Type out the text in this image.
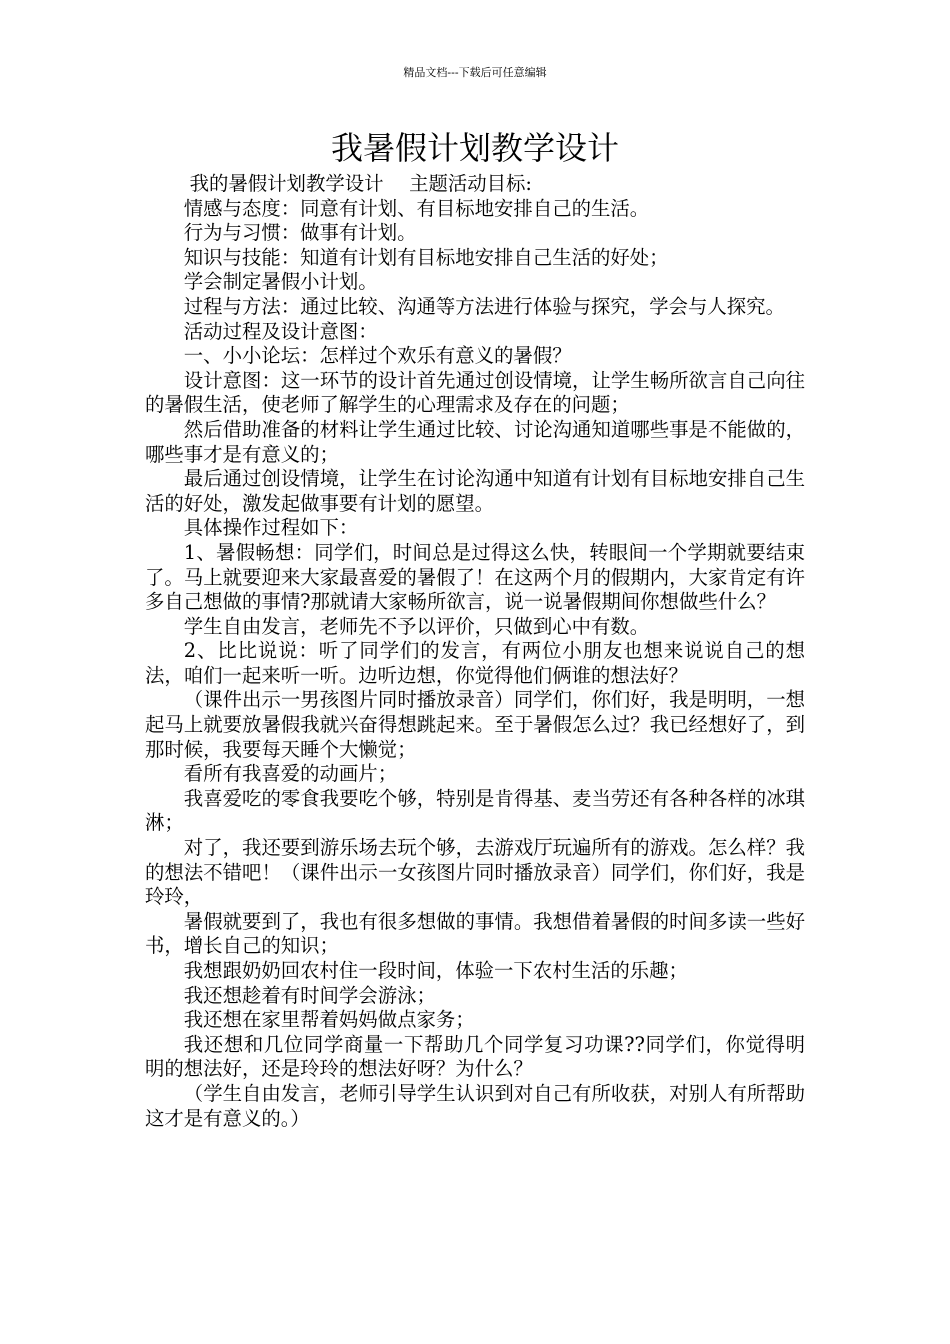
精品文档---下载后可任意编辑
我暑假计划教学设计

我的暑假计划教学设计　 主题活动目标:

情感与态度：同意有计划、有目标地安排自己的生活。

行为与习惯：做事有计划。

知识与技能：知道有计划有目标地安排自己生活的好处；

学会制定暑假小计划。

过程与方法：通过比较、沟通等方法进行体验与探究，学会与人探究。

活动过程及设计意图：

一、小小论坛：怎样过个欢乐有意义的暑假？

设计意图：这一环节的设计首先通过创设情境，让学生畅所欲言自己向往的暑假生活，使老师了解学生的心理需求及存在的问题；

然后借助准备的材料让学生通过比较、讨论沟通知道哪些事是不能做的，哪些事才是有意义的；

最后通过创设情境，让学生在讨论沟通中知道有计划有目标地安排自己生活的好处，激发起做事要有计划的愿望。

具体操作过程如下：

1、暑假畅想：同学们，时间总是过得这么快，转眼间一个学期就要结束了。马上就要迎来大家最喜爱的暑假了！在这两个月的假期内，大家肯定有许多自己想做的事情?那就请大家畅所欲言，说一说暑假期间你想做些什么？

学生自由发言，老师先不予以评价，只做到心中有数。

2、比比说说：听了同学们的发言，有两位小朋友也想来说说自己的想法，咱们一起来听一听。边听边想，你觉得他们俩谁的想法好？

（课件出示一男孩图片同时播放录音）同学们，你们好，我是明明，一想起马上就要放暑假我就兴奋得想跳起来。至于暑假怎么过？我已经想好了，到那时候，我要每天睡个大懒觉；

看所有我喜爱的动画片；

我喜爱吃的零食我要吃个够，特别是肯得基、麦当劳还有各种各样的冰琪淋；

对了，我还要到游乐场去玩个够，去游戏厅玩遍所有的游戏。怎么样？我的想法不错吧！（课件出示一女孩图片同时播放录音）同学们，你们好，我是玲玲，

暑假就要到了，我也有很多想做的事情。我想借着暑假的时间多读一些好书，增长自己的知识；

我想跟奶奶回农村住一段时间，体验一下农村生活的乐趣；

我还想趁着有时间学会游泳；

我还想在家里帮着妈妈做点家务；

我还想和几位同学商量一下帮助几个同学复习功课??同学们，你觉得明明的想法好，还是玲玲的想法好呀？为什么？

（学生自由发言，老师引导学生认识到对自己有所收获，对别人有所帮助这才是有意义的。）
